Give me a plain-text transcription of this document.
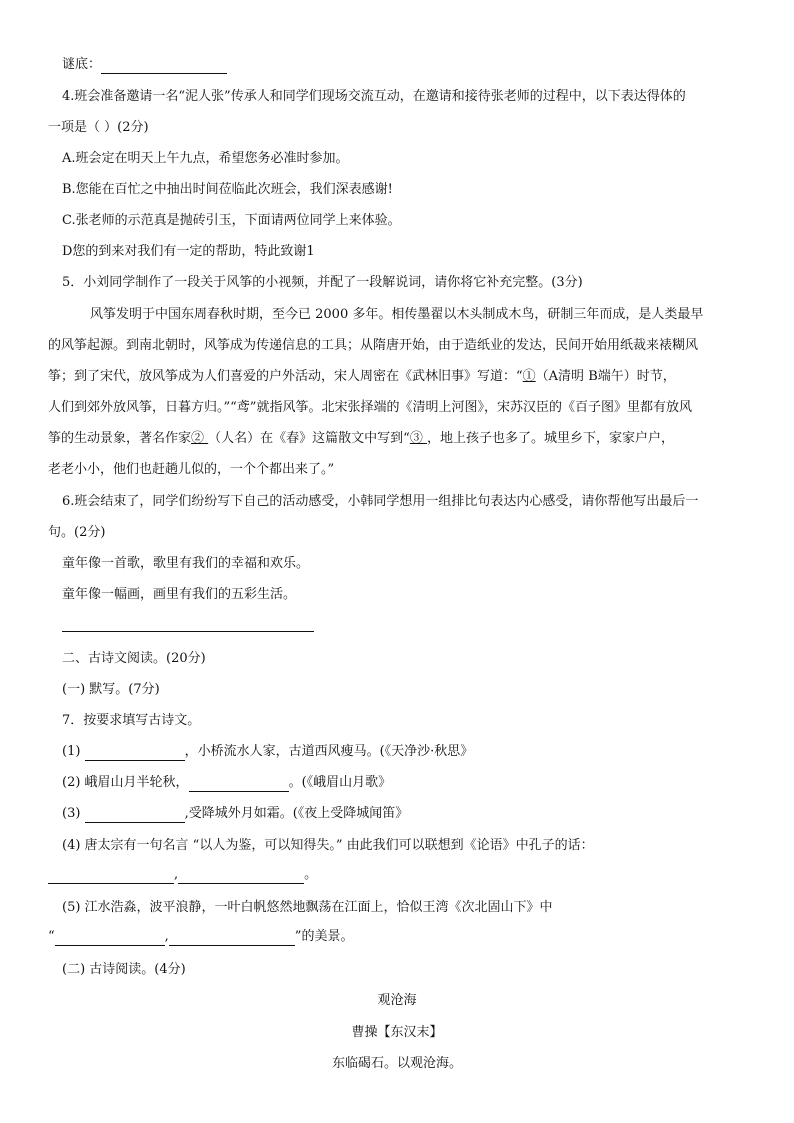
谜底：
4.班会准备邀请一名“泥人张”传承人和同学们现场交流互动，在邀请和接待张老师的过程中，以下表达得体的
一项是（ ）(2分)
A.班会定在明天上午九点，希望您务必准时参加。
B.您能在百忙之中抽出时间莅临此次班会，我们深表感谢!
C.张老师的示范真是抛砖引玉，下面请两位同学上来体验。
D您的到来对我们有一定的帮助，特此致谢1
5．小刘同学制作了一段关于风筝的小视频，并配了一段解说词，请你将它补充完整。(3分)
风筝发明于中国东周春秋时期，至今已 2000 多年。相传墨翟以木头制成木鸟，研制三年而成，是人类最早
的风筝起源。到南北朝时，风筝成为传递信息的工具；从隋唐开始，由于造纸业的发达，民间开始用纸裁来裱糊风
筝；到了宋代，放风筝成为人们喜爱的户外活动，宋人周密在《武林旧事》写道：“①（A清明 B端午）时节，
人们到郊外放风筝，日暮方归。”“鸢”就指风筝。北宋张择端的《清明上河图》，宋苏汉臣的《百子图》里都有放风
筝的生动景象，著名作家② （人名）在《春》这篇散文中写到“③ ，地上孩子也多了。城里乡下，家家户户，
老老小小，他们也赶趟儿似的，一个个都出来了。”
6.班会结束了，同学们纷纷写下自己的活动感受，小韩同学想用一组排比句表达内心感受，请你帮他写出最后一
句。(2分)
童年像一首歌，歌里有我们的幸福和欢乐。
童年像一幅画，画里有我们的五彩生活。
二、古诗文阅读。(20分)
(一) 默写。(7分)
7．按要求填写古诗文。
(1)	，小桥流水人家，古道西风瘦马。(《天净沙·秋思》
(2) 峨眉山月半轮秋，	。(《峨眉山月歌》
(3)	,受降城外月如霜。(《夜上受降城闻笛》
(4) 唐太宗有一句名言 “以人为鉴，可以知得失。” 由此我们可以联想到《论语》中孔子的话：
,	。
(5) 江水浩淼，波平浪静，一叶白帆悠然地飘荡在江面上，恰似王湾《次北固山下》中
“	,	”的美景。
(二) 古诗阅读。(4分)
观沧海
曹操【东汉末】
东临碣石。以观沧海。
